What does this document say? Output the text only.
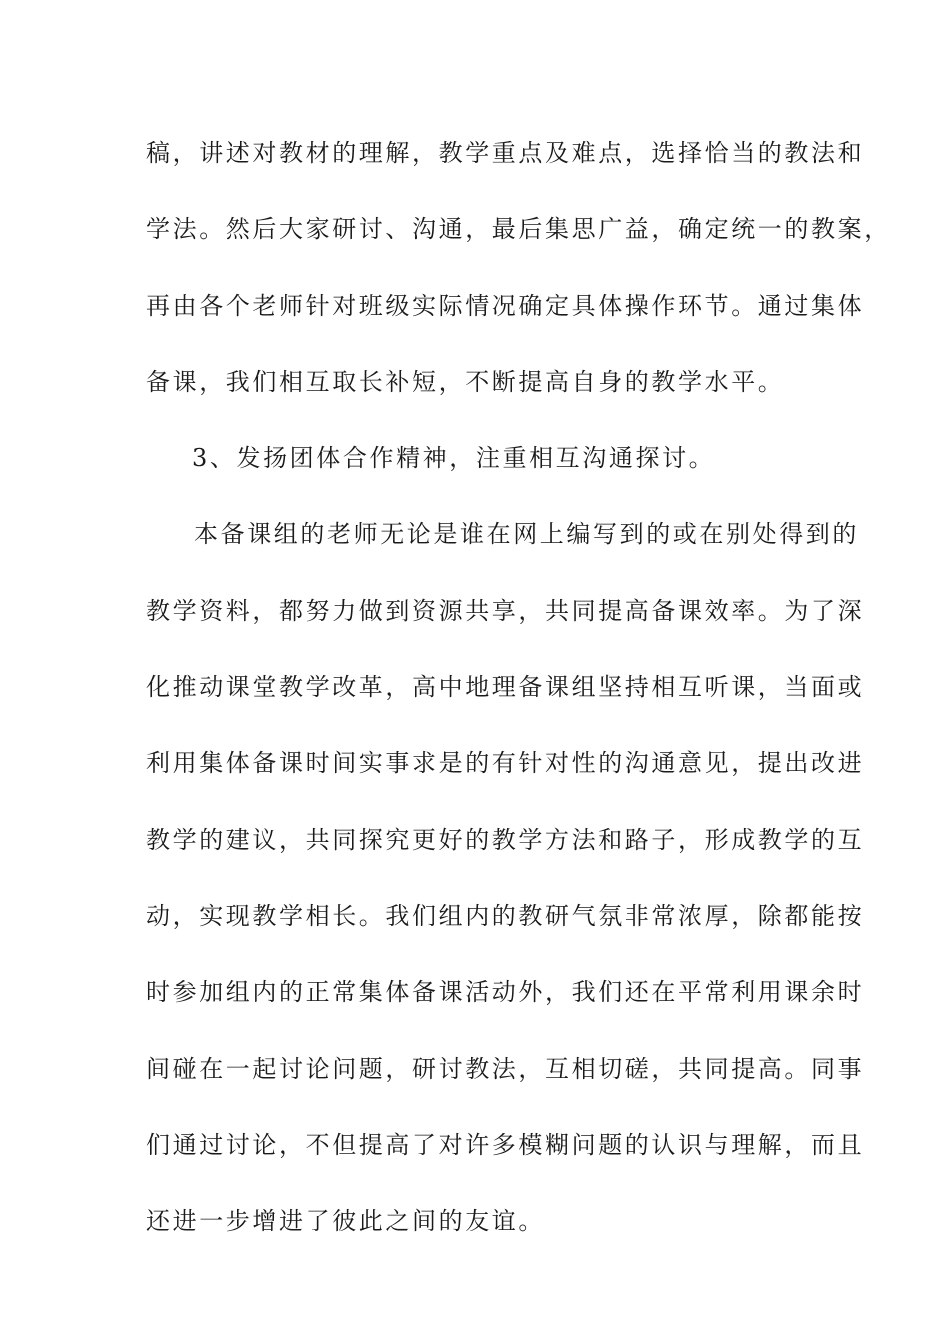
稿，讲述对教材的理解，教学重点及难点，选择恰当的教法和
学法。然后大家研讨、沟通，最后集思广益，确定统一的教案，
再由各个老师针对班级实际情况确定具体操作环节。通过集体
备课，我们相互取长补短，不断提高自身的教学水平。
3、发扬团体合作精神，注重相互沟通探讨。
本备课组的老师无论是谁在网上编写到的或在别处得到的
教学资料，都努力做到资源共享，共同提高备课效率。为了深
化推动课堂教学改革，高中地理备课组坚持相互听课，当面或
利用集体备课时间实事求是的有针对性的沟通意见，提出改进
教学的建议，共同探究更好的教学方法和路子，形成教学的互
动，实现教学相长。我们组内的教研气氛非常浓厚，除都能按
时参加组内的正常集体备课活动外，我们还在平常利用课余时
间碰在一起讨论问题，研讨教法，互相切磋，共同提高。同事
们通过讨论，不但提高了对许多模糊问题的认识与理解，而且
还进一步增进了彼此之间的友谊。
